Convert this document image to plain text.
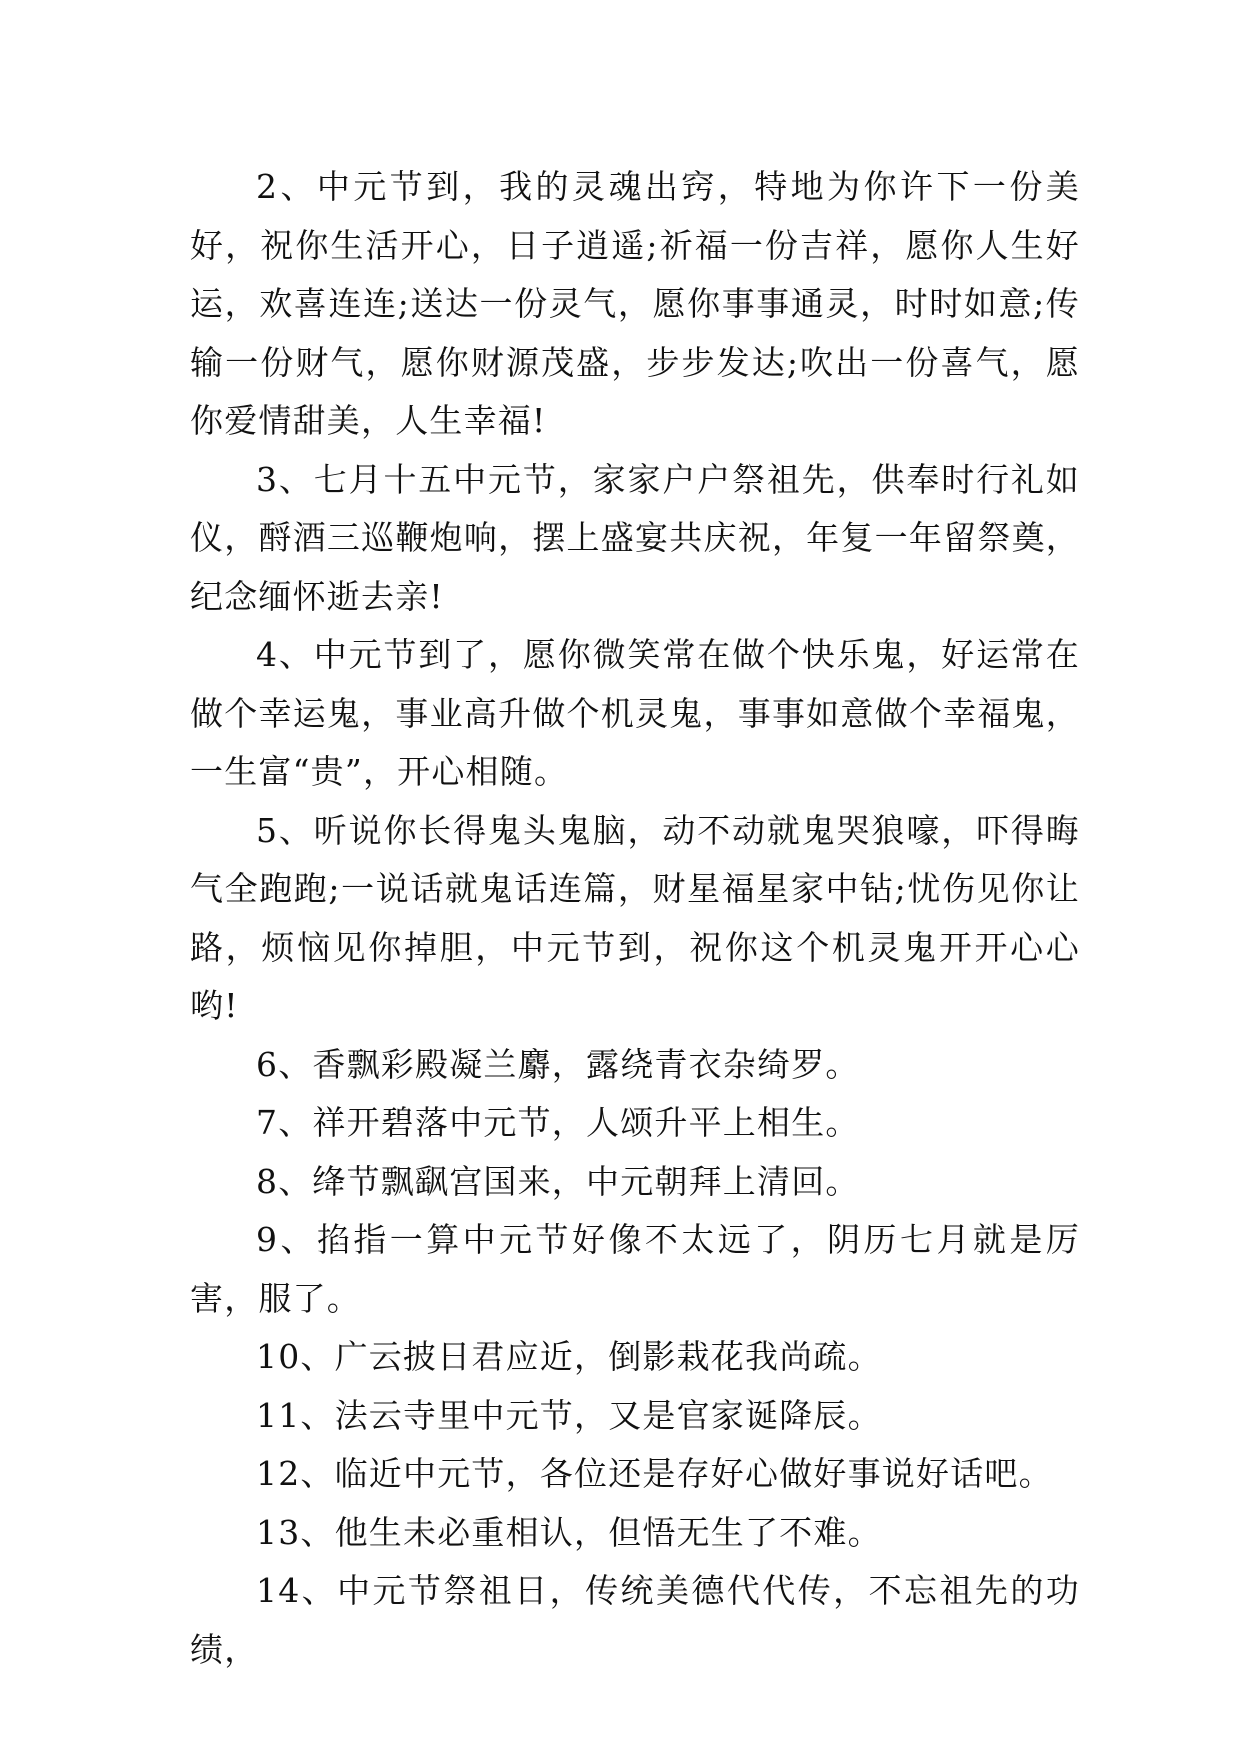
2、中元节到，我的灵魂出窍，特地为你许下一份美好，祝你生活开心，日子逍遥;祈福一份吉祥，愿你人生好运，欢喜连连;送达一份灵气，愿你事事通灵，时时如意;传输一份财气，愿你财源茂盛，步步发达;吹出一份喜气，愿你爱情甜美，人生幸福!

3、七月十五中元节，家家户户祭祖先，供奉时行礼如仪，酹酒三巡鞭炮响，摆上盛宴共庆祝，年复一年留祭奠，纪念缅怀逝去亲!

4、中元节到了，愿你微笑常在做个快乐鬼，好运常在做个幸运鬼，事业高升做个机灵鬼，事事如意做个幸福鬼，一生富“贵”，开心相随。

5、听说你长得鬼头鬼脑，动不动就鬼哭狼嚎，吓得晦气全跑跑;一说话就鬼话连篇，财星福星家中钻;忧伤见你让路，烦恼见你掉胆，中元节到，祝你这个机灵鬼开开心心哟!

6、香飘彩殿凝兰麝，露绕青衣杂绮罗。

7、祥开碧落中元节，人颂升平上相生。

8、绛节飘飖宫国来，中元朝拜上清回。

9、掐指一算中元节好像不太远了，阴历七月就是厉害，服了。

10、广云披日君应近，倒影栽花我尚疏。

11、法云寺里中元节，又是官家诞降辰。

12、临近中元节，各位还是存好心做好事说好话吧。

13、他生未必重相认，但悟无生了不难。

14、中元节祭祖日，传统美德代代传，不忘祖先的功绩，
